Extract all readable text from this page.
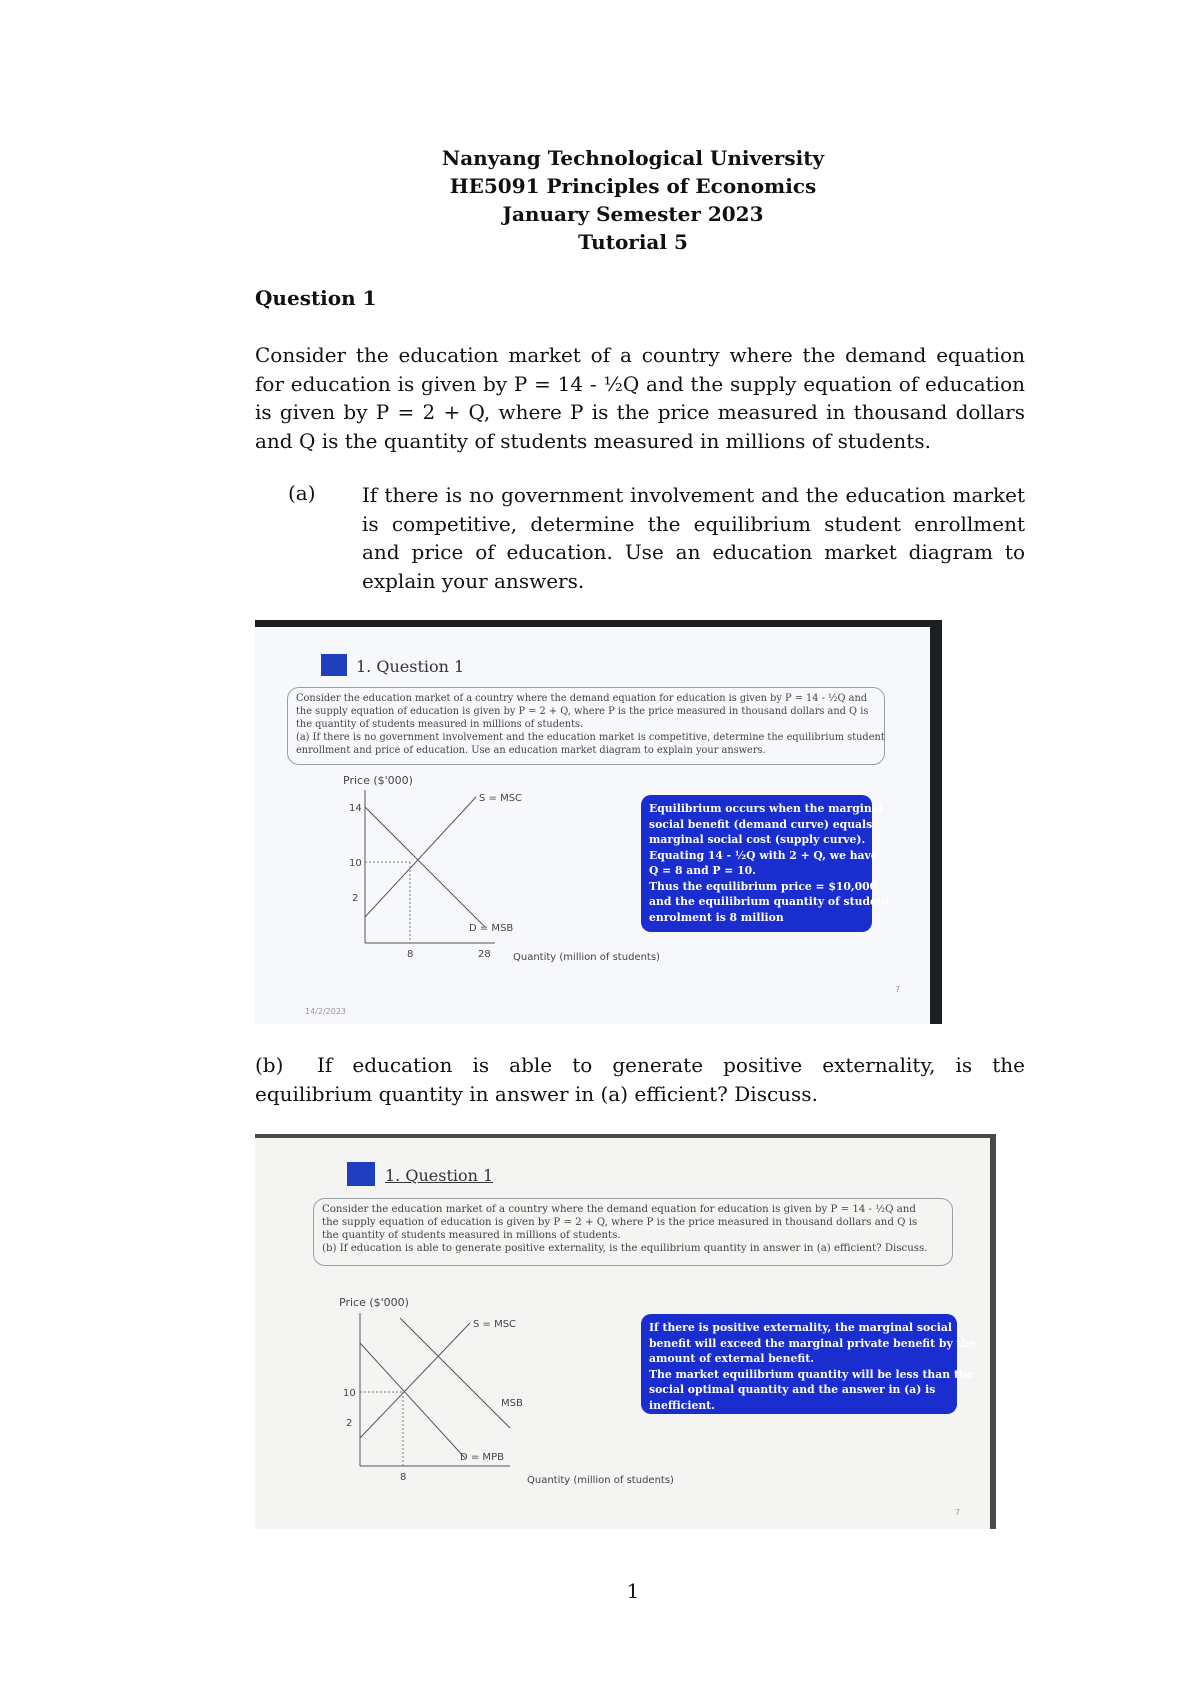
Nanyang Technological University
HE5091 Principles of Economics
January Semester 2023
Tutorial 5
Question 1
Consider the education market of a country where the demand equation for education is given by P = 14 - ½Q and the supply equation of education is given by P = 2 + Q, where P is the price measured in thousand dollars and Q is the quantity of students measured in millions of students.
(a) If there is no government involvement and the education market is competitive, determine the equilibrium student enrollment and price of education. Use an education market diagram to explain your answers.
1. Question 1
Consider the education market of a country where the demand equation for education is given by P = 14 - ½Q and
the supply equation of education is given by P = 2 + Q, where P is the price measured in thousand dollars and Q is
the quantity of students measured in millions of students.
(a) If there is no government involvement and the education market is competitive, determine the equilibrium student
enrollment and price of education. Use an education market diagram to explain your answers.
Price ($'000)
14
10
2
8	28
S = MSC
D = MSB
Quantity (million of students)
Equilibrium occurs when the marginal
social benefit (demand curve) equals
marginal social cost (supply curve).
Equating 14 - ½Q with 2 + Q, we have
Q = 8 and P = 10.
Thus the equilibrium price = $10,000
and the equilibrium quantity of student
enrolment is 8 million
14/2/2023
7
(b) If education is able to generate positive externality, is the equilibrium quantity in answer in (a) efficient? Discuss.
1. Question 1
Consider the education market of a country where the demand equation for education is given by P = 14 - ½Q and
the supply equation of education is given by P = 2 + Q, where P is the price measured in thousand dollars and Q is
the quantity of students measured in millions of students.
(b) If education is able to generate positive externality, is the equilibrium quantity in answer in (a) efficient? Discuss.
Price ($'000)
10
2
8
S = MSC
MSB
D = MPB
Quantity (million of students)
If there is positive externality, the marginal social
benefit will exceed the marginal private benefit by the
amount of external benefit.
The market equilibrium quantity will be less than the
social optimal quantity and the answer in (a) is
inefficient.
7
1
